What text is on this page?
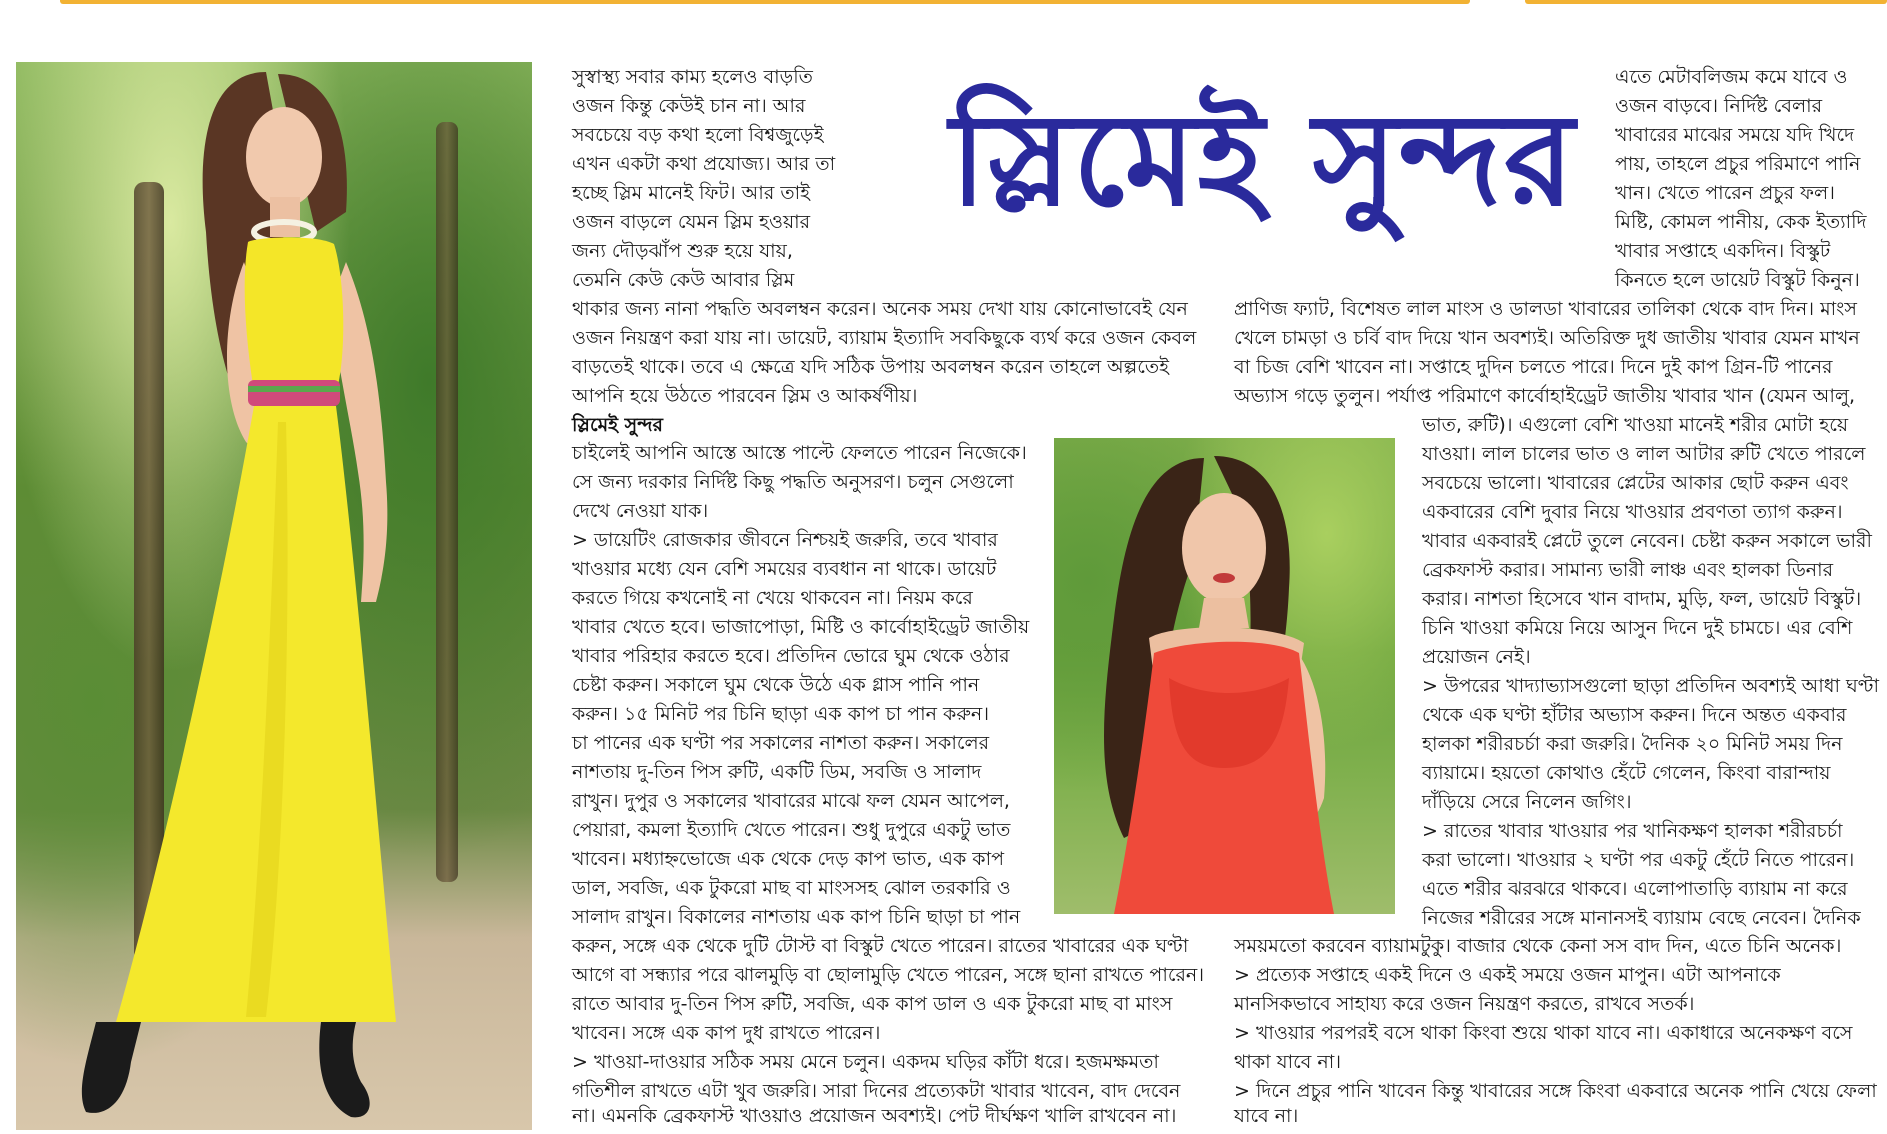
স্লিমেই সুন্দর
সুস্বাস্থ্য সবার কাম্য হলেও বাড়তি
ওজন কিন্তু কেউই চান না। আর
সবচেয়ে বড় কথা হলো বিশ্বজুড়েই
এখন একটা কথা প্রযোজ্য। আর তা
হচ্ছে স্লিম মানেই ফিট। আর তাই
ওজন বাড়লে যেমন স্লিম হওয়ার
জন্য দৌড়ঝাঁপ শুরু হয়ে যায়,
তেমনি কেউ কেউ আবার স্লিম
এতে মেটাবলিজম কমে যাবে ও
ওজন বাড়বে। নির্দিষ্ট বেলার
খাবারের মাঝের সময়ে যদি খিদে
পায়, তাহলে প্রচুর পরিমাণে পানি
খান। খেতে পারেন প্রচুর ফল।
মিষ্টি, কোমল পানীয়, কেক ইত্যাদি
খাবার সপ্তাহে একদিন। বিস্কুট
কিনতে হলে ডায়েট বিস্কুট কিনুন।
থাকার জন্য নানা পদ্ধতি অবলম্বন করেন। অনেক সময় দেখা যায় কোনোভাবেই যেন
ওজন নিয়ন্ত্রণ করা যায় না। ডায়েট, ব্যায়াম ইত্যাদি সবকিছুকে ব্যর্থ করে ওজন কেবল
বাড়তেই থাকে। তবে এ ক্ষেত্রে যদি সঠিক উপায় অবলম্বন করেন তাহলে অল্পতেই
আপনি হয়ে উঠতে পারবেন স্লিম ও আকর্ষণীয়।
প্রাণিজ ফ্যাট, বিশেষত লাল মাংস ও ডালডা খাবারের তালিকা থেকে বাদ দিন। মাংস
খেলে চামড়া ও চর্বি বাদ দিয়ে খান অবশ্যই। অতিরিক্ত দুধ জাতীয় খাবার যেমন মাখন
বা চিজ বেশি খাবেন না। সপ্তাহে দুদিন চলতে পারে। দিনে দুই কাপ গ্রিন-টি পানের
অভ্যাস গড়ে তুলুন। পর্যাপ্ত পরিমাণে কার্বোহাইড্রেট জাতীয় খাবার খান (যেমন আলু,
স্লিমেই সুন্দর
চাইলেই আপনি আস্তে আস্তে পাল্টে ফেলতে পারেন নিজেকে।
সে জন্য দরকার নির্দিষ্ট কিছু পদ্ধতি অনুসরণ। চলুন সেগুলো
দেখে নেওয়া যাক।
> ডায়েটিং রোজকার জীবনে নিশ্চয়ই জরুরি, তবে খাবার
খাওয়ার মধ্যে যেন বেশি সময়ের ব্যবধান না থাকে। ডায়েট
করতে গিয়ে কখনোই না খেয়ে থাকবেন না। নিয়ম করে
খাবার খেতে হবে। ভাজাপোড়া, মিষ্টি ও কার্বোহাইড্রেট জাতীয়
খাবার পরিহার করতে হবে। প্রতিদিন ভোরে ঘুম থেকে ওঠার
চেষ্টা করুন। সকালে ঘুম থেকে উঠে এক গ্লাস পানি পান
করুন। ১৫ মিনিট পর চিনি ছাড়া এক কাপ চা পান করুন।
চা পানের এক ঘণ্টা পর সকালের নাশতা করুন। সকালের
নাশতায় দু-তিন পিস রুটি, একটি ডিম, সবজি ও সালাদ
রাখুন। দুপুর ও সকালের খাবারের মাঝে ফল যেমন আপেল,
পেয়ারা, কমলা ইত্যাদি খেতে পারেন। শুধু দুপুরে একটু ভাত
খাবেন। মধ্যাহ্নভোজে এক থেকে দেড় কাপ ভাত, এক কাপ
ডাল, সবজি, এক টুকরো মাছ বা মাংসসহ ঝোল তরকারি ও
সালাদ রাখুন। বিকালের নাশতায় এক কাপ চিনি ছাড়া চা পান
করুন, সঙ্গে এক থেকে দুটি টোস্ট বা বিস্কুট খেতে পারেন। রাতের খাবারের এক ঘণ্টা
আগে বা সন্ধ্যার পরে ঝালমুড়ি বা ছোলামুড়ি খেতে পারেন, সঙ্গে ছানা রাখতে পারেন।
রাতে আবার দু-তিন পিস রুটি, সবজি, এক কাপ ডাল ও এক টুকরো মাছ বা মাংস
খাবেন। সঙ্গে এক কাপ দুধ রাখতে পারেন।
> খাওয়া-দাওয়ার সঠিক সময় মেনে চলুন। একদম ঘড়ির কাঁটা ধরে। হজমক্ষমতা
গতিশীল রাখতে এটা খুব জরুরি। সারা দিনের প্রত্যেকটা খাবার খাবেন, বাদ দেবেন
না। এমনকি ব্রেকফাস্ট খাওয়াও প্রয়োজন অবশ্যই। পেট দীর্ঘক্ষণ খালি রাখবেন না।
ভাত, রুটি)। এগুলো বেশি খাওয়া মানেই শরীর মোটা হয়ে
যাওয়া। লাল চালের ভাত ও লাল আটার রুটি খেতে পারলে
সবচেয়ে ভালো। খাবারের প্লেটের আকার ছোট করুন এবং
একবারের বেশি দুবার নিয়ে খাওয়ার প্রবণতা ত্যাগ করুন।
খাবার একবারই প্লেটে তুলে নেবেন। চেষ্টা করুন সকালে ভারী
ব্রেকফাস্ট করার। সামান্য ভারী লাঞ্চ এবং হালকা ডিনার
করার। নাশতা হিসেবে খান বাদাম, মুড়ি, ফল, ডায়েট বিস্কুট।
চিনি খাওয়া কমিয়ে নিয়ে আসুন দিনে দুই চামচে। এর বেশি
প্রয়োজন নেই।
> উপরের খাদ্যাভ্যাসগুলো ছাড়া প্রতিদিন অবশ্যই আধা ঘণ্টা
থেকে এক ঘণ্টা হাঁটার অভ্যাস করুন। দিনে অন্তত একবার
হালকা শরীরচর্চা করা জরুরি। দৈনিক ২০ মিনিট সময় দিন
ব্যায়ামে। হয়তো কোথাও হেঁটে গেলেন, কিংবা বারান্দায়
দাঁড়িয়ে সেরে নিলেন জগিং।
> রাতের খাবার খাওয়ার পর খানিকক্ষণ হালকা শরীরচর্চা
করা ভালো। খাওয়ার ২ ঘণ্টা পর একটু হেঁটে নিতে পারেন।
এতে শরীর ঝরঝরে থাকবে। এলোপাতাড়ি ব্যায়াম না করে
নিজের শরীরের সঙ্গে মানানসই ব্যায়াম বেছে নেবেন। দৈনিক
সময়মতো করবেন ব্যায়ামটুকু। বাজার থেকে কেনা সস বাদ দিন, এতে চিনি অনেক।
> প্রত্যেক সপ্তাহে একই দিনে ও একই সময়ে ওজন মাপুন। এটা আপনাকে
মানসিকভাবে সাহায্য করে ওজন নিয়ন্ত্রণ করতে, রাখবে সতর্ক।
> খাওয়ার পরপরই বসে থাকা কিংবা শুয়ে থাকা যাবে না। একাধারে অনেকক্ষণ বসে
থাকা যাবে না।
> দিনে প্রচুর পানি খাবেন কিন্তু খাবারের সঙ্গে কিংবা একবারে অনেক পানি খেয়ে ফেলা
যাবে না।
